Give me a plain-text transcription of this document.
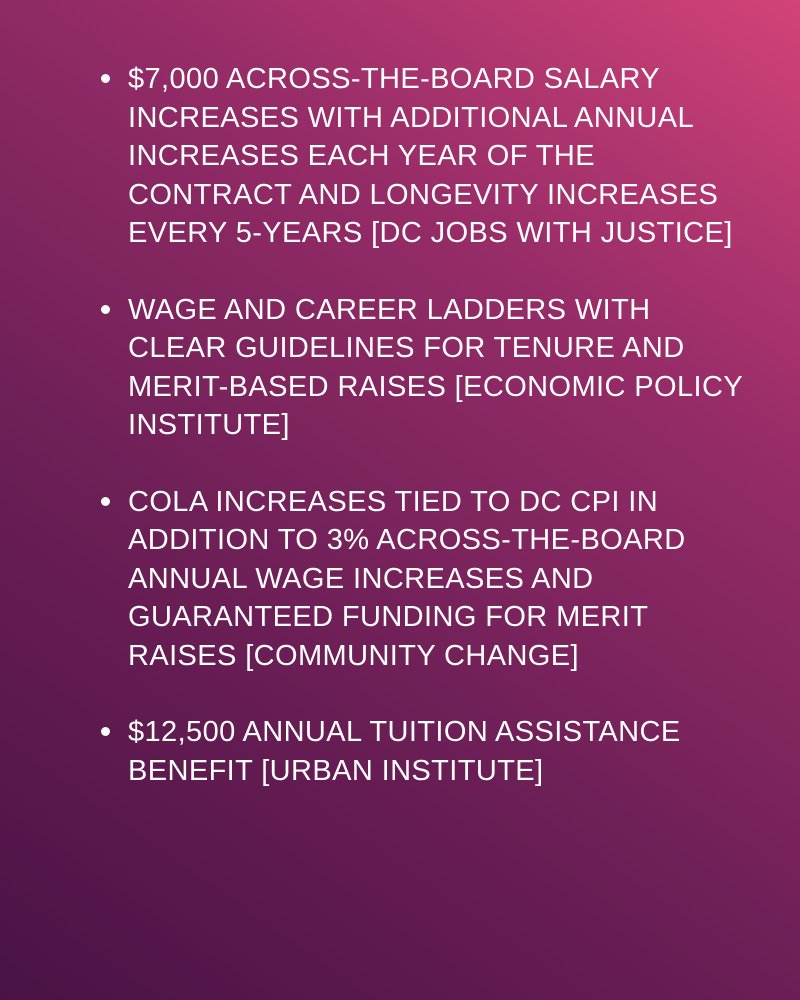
$7,000 ACROSS-THE-BOARD SALARY INCREASES WITH ADDITIONAL ANNUAL INCREASES EACH YEAR OF THE CONTRACT AND LONGEVITY INCREASES EVERY 5-YEARS [DC JOBS WITH JUSTICE]
WAGE AND CAREER LADDERS WITH CLEAR GUIDELINES FOR TENURE AND MERIT-BASED RAISES [ECONOMIC POLICY INSTITUTE]
COLA INCREASES TIED TO DC CPI IN ADDITION TO 3% ACROSS-THE-BOARD ANNUAL WAGE INCREASES AND GUARANTEED FUNDING FOR MERIT RAISES [COMMUNITY CHANGE]
$12,500 ANNUAL TUITION ASSISTANCE BENEFIT [URBAN INSTITUTE]
